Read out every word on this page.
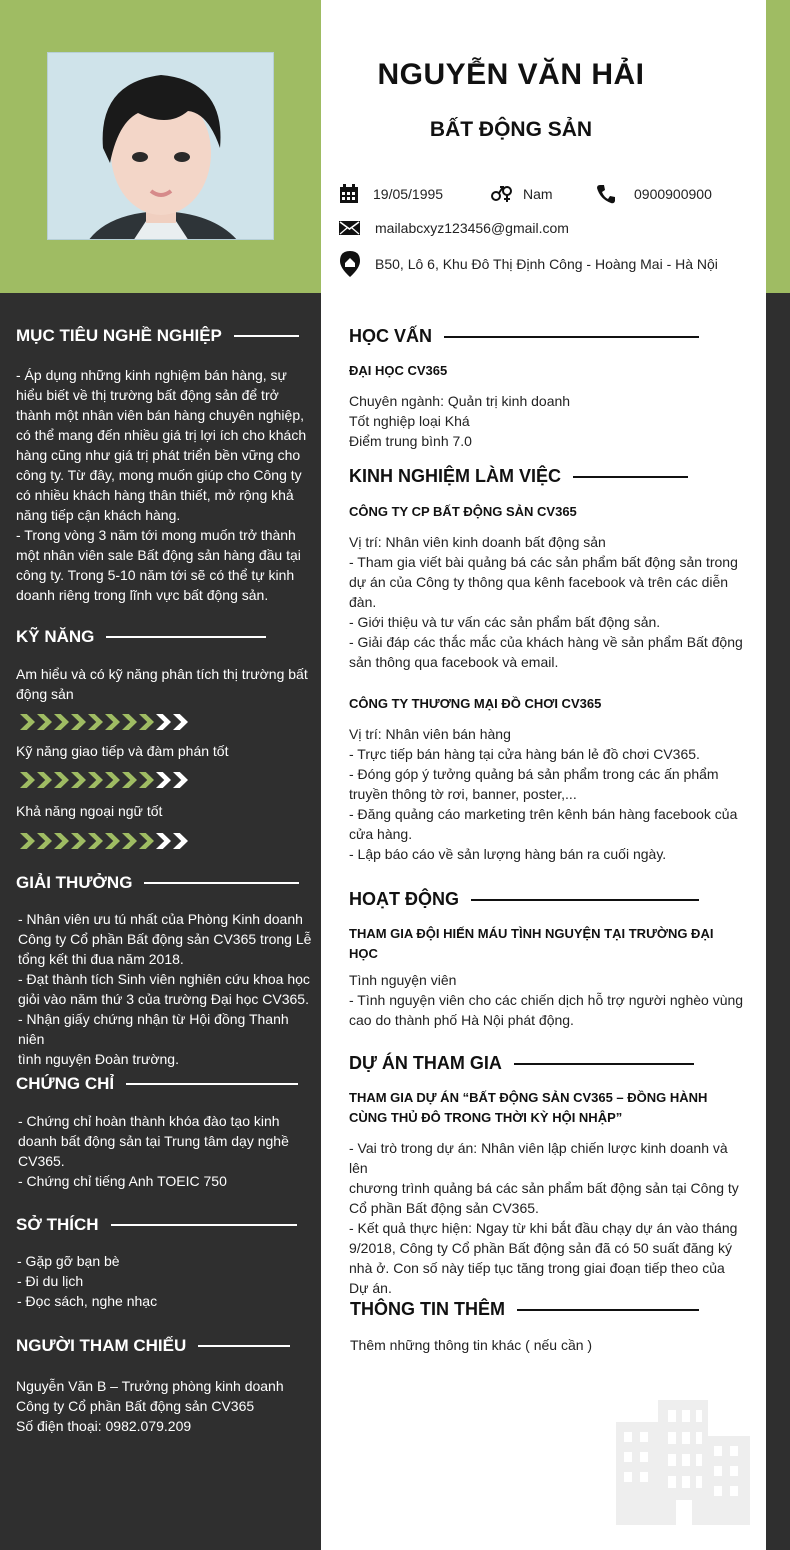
NGUYỄN VĂN HẢI
BẤT ĐỘNG SẢN
19/05/1995	Nam	0900900900
mailabcxyz123456@gmail.com
B50, Lô 6, Khu Đô Thị Định Công - Hoàng Mai - Hà Nội
MỤC TIÊU NGHỀ NGHIỆP
- Áp dụng những kinh nghiệm bán hàng, sự
hiểu biết về thị trường bất động sản để trở
thành một nhân viên bán hàng chuyên nghiệp,
có thể mang đến nhiều giá trị lợi ích cho khách
hàng cũng như giá trị phát triển bền vững cho
công ty. Từ đây, mong muốn giúp cho Công ty
có nhiều khách hàng thân thiết, mở rộng khả
năng tiếp cận khách hàng.
- Trong vòng 3 năm tới mong muốn trở thành
một nhân viên sale Bất động sản hàng đầu tại
công ty. Trong 5-10 năm tới sẽ có thể tự kinh
doanh riêng trong lĩnh vực bất động sản.
KỸ NĂNG
Am hiểu và có kỹ năng phân tích thị trường bất
động sản
Kỹ năng giao tiếp và đàm phán tốt
Khả năng ngoại ngữ tốt
GIẢI THƯỞNG
- Nhân viên ưu tú nhất của Phòng Kinh doanh
Công ty Cổ phần Bất động sản CV365 trong Lễ
tổng kết thi đua năm 2018.
- Đạt thành tích Sinh viên nghiên cứu khoa học
giỏi vào năm thứ 3 của trường Đại học CV365.
- Nhận giấy chứng nhận từ Hội đồng Thanh niên
tình nguyện Đoàn trường.
CHỨNG CHỈ
- Chứng chỉ hoàn thành khóa đào tạo kinh
doanh bất động sản tại Trung tâm dạy nghề
CV365.
- Chứng chỉ tiếng Anh TOEIC 750
SỞ THÍCH
- Gặp gỡ bạn bè
- Đi du lịch
- Đọc sách, nghe nhạc
NGƯỜI THAM CHIẾU
Nguyễn Văn B – Trưởng phòng kinh doanh
Công ty Cổ phần Bất động sản CV365
Số điện thoại: 0982.079.209
HỌC VẤN
ĐẠI HỌC CV365
Chuyên ngành: Quản trị kinh doanh
Tốt nghiệp loại Khá
Điểm trung bình 7.0
KINH NGHIỆM LÀM VIỆC
CÔNG TY CP BẤT ĐỘNG SẢN CV365
Vị trí: Nhân viên kinh doanh bất động sản
- Tham gia viết bài quảng bá các sản phẩm bất động sản trong
dự án của Công ty thông qua kênh facebook và trên các diễn
đàn.
- Giới thiệu và tư vấn các sản phẩm bất động sản.
- Giải đáp các thắc mắc của khách hàng về sản phẩm Bất động
sản thông qua facebook và email.
CÔNG TY THƯƠNG MẠI ĐỒ CHƠI CV365
Vị trí: Nhân viên bán hàng
- Trực tiếp bán hàng tại cửa hàng bán lẻ đồ chơi CV365.
- Đóng góp ý tưởng quảng bá sản phẩm trong các ấn phẩm
truyền thông tờ rơi, banner, poster,...
- Đăng quảng cáo marketing trên kênh bán hàng facebook của
cửa hàng.
- Lập báo cáo về sản lượng hàng bán ra cuối ngày.
HOẠT ĐỘNG
THAM GIA ĐỘI HIẾN MÁU TÌNH NGUYỆN TẠI TRƯỜNG ĐẠI
HỌC
Tình nguyện viên
- Tình nguyện viên cho các chiến dịch hỗ trợ người nghèo vùng
cao do thành phố Hà Nội phát động.
DỰ ÁN THAM GIA
THAM GIA DỰ ÁN “BẤT ĐỘNG SẢN CV365 – ĐỒNG HÀNH
CÙNG THỦ ĐÔ TRONG THỜI KỲ HỘI NHẬP”
- Vai trò trong dự án: Nhân viên lập chiến lược kinh doanh và lên
chương trình quảng bá các sản phẩm bất động sản tại Công ty
Cổ phần Bất động sản CV365.
- Kết quả thực hiện: Ngay từ khi bắt đầu chạy dự án vào tháng
9/2018, Công ty Cổ phần Bất động sản đã có 50 suất đăng ký
nhà ở. Con số này tiếp tục tăng trong giai đoạn tiếp theo của
Dự án.
THÔNG TIN THÊM
Thêm những thông tin khác ( nếu cần )
